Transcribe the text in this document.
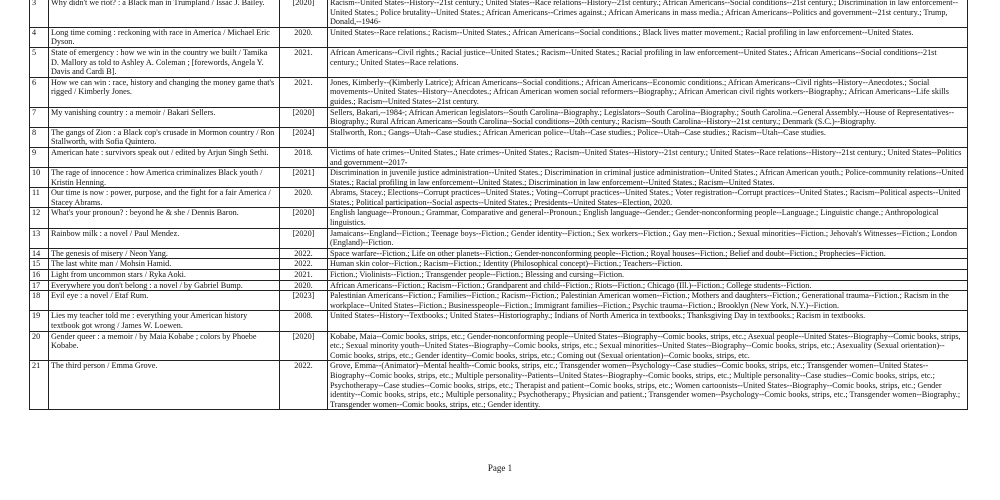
3	Why didn't we riot? : a Black man in Trumpland / Issac J. Bailey.	[2020]	Racism--United States--History--21st century.; United States--Race relations--History--21st century.; African Americans--Social conditions--21st century.; Discrimination in law enforcement--United States.; Police brutality--United States.; African Americans--Crimes against.; African Americans in mass media.; African Americans--Politics and government--21st century.; Trump, Donald,--1946-
4	Long time coming : reckoning with race in America / Michael Eric Dyson.	2020.	United States--Race relations.; Racism--United States.; African Americans--Social conditions.; Black lives matter movement.; Racial profiling in law enforcement--United States.
5	State of emergency : how we win in the country we built / Tamika D. Mallory as told to Ashley A. Coleman ; [forewords, Angela Y. Davis and Cardi B].	2021.	African Americans--Civil rights.; Racial justice--United States.; Racism--United States.; Racial profiling in law enforcement--United States.; African Americans--Social conditions--21st century.; United States--Race relations.
6	How we can win : race, history and changing the money game that's rigged / Kimberly Jones.	2021.	Jones, Kimberly--(Kimberly Latrice); African Americans--Social conditions.; African Americans--Economic conditions.; African Americans--Civil rights--History--Anecdotes.; Social movements--United States--History--Anecdotes.; African American women social reformers--Biography.; African American civil rights workers--Biography.; African Americans--Life skills guides.; Racism--United States--21st century.
7	My vanishing country : a memoir / Bakari Sellers.	[2020]	Sellers, Bakari,--1984-; African American legislators--South Carolina--Biography.; Legislators--South Carolina--Biography.; South Carolina.--General Assembly.--House of Representatives--Biography.; Rural African Americans--South Carolina--Social conditions--20th century.; Racism--South Carolina--History--21st century.; Denmark (S.C.)--Biography.
8	The gangs of Zion : a Black cop's crusade in Mormon country / Ron Stallworth, with Sofia Quintero.	[2024]	Stallworth, Ron.; Gangs--Utah--Case studies.; African American police--Utah--Case studies.; Police--Utah--Case studies.; Racism--Utah--Case studies.
9	American hate : survivors speak out / edited by Arjun Singh Sethi.	2018.	Victims of hate crimes--United States.; Hate crimes--United States.; Racism--United States--History--21st century.; United States--Race relations--History--21st century.; United States--Politics and government--2017-
10	The rage of innocence : how America criminalizes Black youth / Kristin Henning.	[2021]	Discrimination in juvenile justice administration--United States.; Discrimination in criminal justice administration--United States.; African American youth.; Police-community relations--United States.; Racial profiling in law enforcement--United States.; Discrimination in law enforcement--United States.; Racism--United States.
11	Our time is now : power, purpose, and the fight for a fair America / Stacey Abrams.	2020.	Abrams, Stacey.; Elections--Corrupt practices--United States.; Voting--Corrupt practices--United States.; Voter registration--Corrupt practices--United States.; Racism--Political aspects--United States.; Political participation--Social aspects--United States.; Presidents--United States--Election, 2020.
12	What's your pronoun? : beyond he & she / Dennis Baron.	[2020]	English language--Pronoun.; Grammar, Comparative and general--Pronoun.; English language--Gender.; Gender-nonconforming people--Language.; Linguistic change.; Anthropological linguistics.
13	Rainbow milk : a novel / Paul Mendez.	[2020]	Jamaicans--England--Fiction.; Teenage boys--Fiction.; Gender identity--Fiction.; Sex workers--Fiction.; Gay men--Fiction.; Sexual minorities--Fiction.; Jehovah's Witnesses--Fiction.; London (England)--Fiction.
14	The genesis of misery / Neon Yang.	2022.	Space warfare--Fiction.; Life on other planets--Fiction.; Gender-nonconforming people--Fiction.; Royal houses--Fiction.; Belief and doubt--Fiction.; Prophecies--Fiction.
15	The last white man / Mohsin Hamid.	2022.	Human skin color--Fiction.; Racism--Fiction.; Identity (Philosophical concept)--Fiction.; Teachers--Fiction.
16	Light from uncommon stars / Ryka Aoki.	2021.	Fiction.; Violinists--Fiction.; Transgender people--Fiction.; Blessing and cursing--Fiction.
17	Everywhere you don't belong : a novel / by Gabriel Bump.	2020.	African Americans--Fiction.; Racism--Fiction.; Grandparent and child--Fiction.; Riots--Fiction.; Chicago (Ill.)--Fiction.; College students--Fiction.
18	Evil eye : a novel / Etaf Rum.	[2023]	Palestinian Americans--Fiction.; Families--Fiction.; Racism--Fiction.; Palestinian American women--Fiction.; Mothers and daughters--Fiction.; Generational trauma--Fiction.; Racism in the workplace--United States--Fiction.; Businesspeople--Fiction.; Immigrant families--Fiction.; Psychic trauma--Fiction.; Brooklyn (New York, N.Y.)--Fiction.
19	Lies my teacher told me : everything your American history textbook got wrong / James W. Loewen.	2008.	United States--History--Textbooks.; United States--Historiography.; Indians of North America in textbooks.; Thanksgiving Day in textbooks.; Racism in textbooks.
20	Gender queer : a memoir / by Maia Kobabe ; colors by Phoebe Kobabe.	[2020]	Kobabe, Maia--Comic books, strips, etc.; Gender-nonconforming people--United States--Biography--Comic books, strips, etc.; Asexual people--United States--Biography--Comic books, strips, etc.; Sexual minority youth--United States--Biography--Comic books, strips, etc.; Sexual minorities--United States--Biography--Comic books, strips, etc.; Asexuality (Sexual orientation)--Comic books, strips, etc.; Gender identity--Comic books, strips, etc.; Coming out (Sexual orientation)--Comic books, strips, etc.
21	The third person / Emma Grove.	2022.	Grove, Emma--(Animator)--Mental health--Comic books, strips, etc.; Transgender women--Psychology--Case studies--Comic books, strips, etc.; Transgender women--United States--Biography--Comic books, strips, etc.; Multiple personality--Patients--United States--Biography--Comic books, strips, etc.; Multiple personality--Case studies--Comic books, strips, etc.; Psychotherapy--Case studies--Comic books, strips, etc.; Therapist and patient--Comic books, strips, etc.; Women cartoonists--United States--Biography--Comic books, strips, etc.; Gender identity--Comic books, strips, etc.; Multiple personality.; Psychotherapy.; Physician and patient.; Transgender women--Psychology--Comic books, strips, etc.; Transgender women--Biography.; Transgender women--Comic books, strips, etc.; Gender identity.
Page 1
